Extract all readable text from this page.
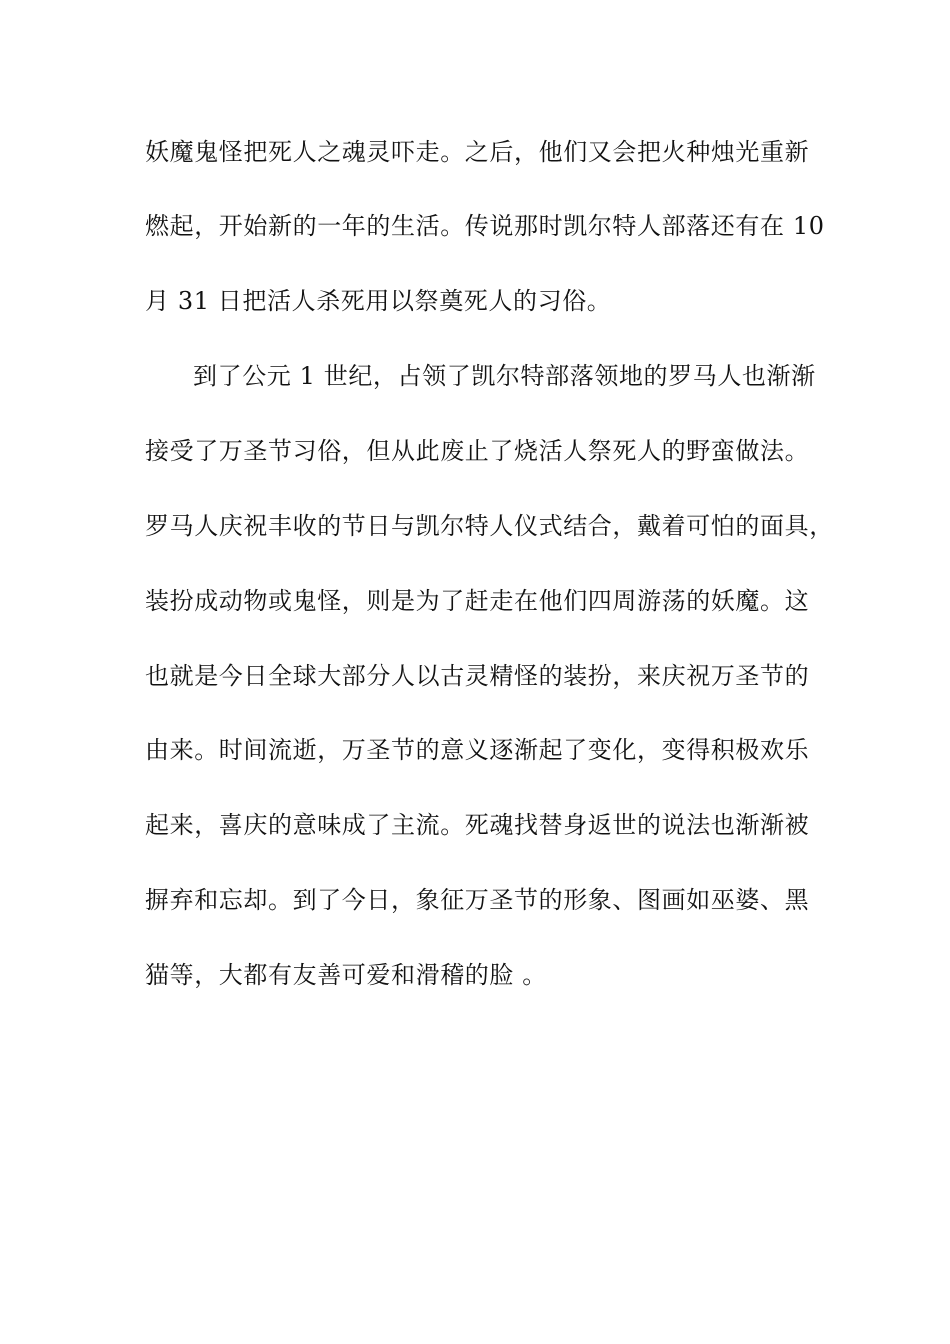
妖魔鬼怪把死人之魂灵吓走。之后，他们又会把火种烛光重新
燃起，开始新的一年的生活。传说那时凯尔特人部落还有在 10
月 31 日把活人杀死用以祭奠死人的习俗。
到了公元 1 世纪，占领了凯尔特部落领地的罗马人也渐渐
接受了万圣节习俗，但从此废止了烧活人祭死人的野蛮做法。
罗马人庆祝丰收的节日与凯尔特人仪式结合，戴着可怕的面具，
装扮成动物或鬼怪，则是为了赶走在他们四周游荡的妖魔。这
也就是今日全球大部分人以古灵精怪的装扮，来庆祝万圣节的
由来。时间流逝，万圣节的意义逐渐起了变化，变得积极欢乐
起来，喜庆的意味成了主流。死魂找替身返世的说法也渐渐被
摒弃和忘却。到了今日，象征万圣节的形象、图画如巫婆、黑
猫等，大都有友善可爱和滑稽的脸 。
